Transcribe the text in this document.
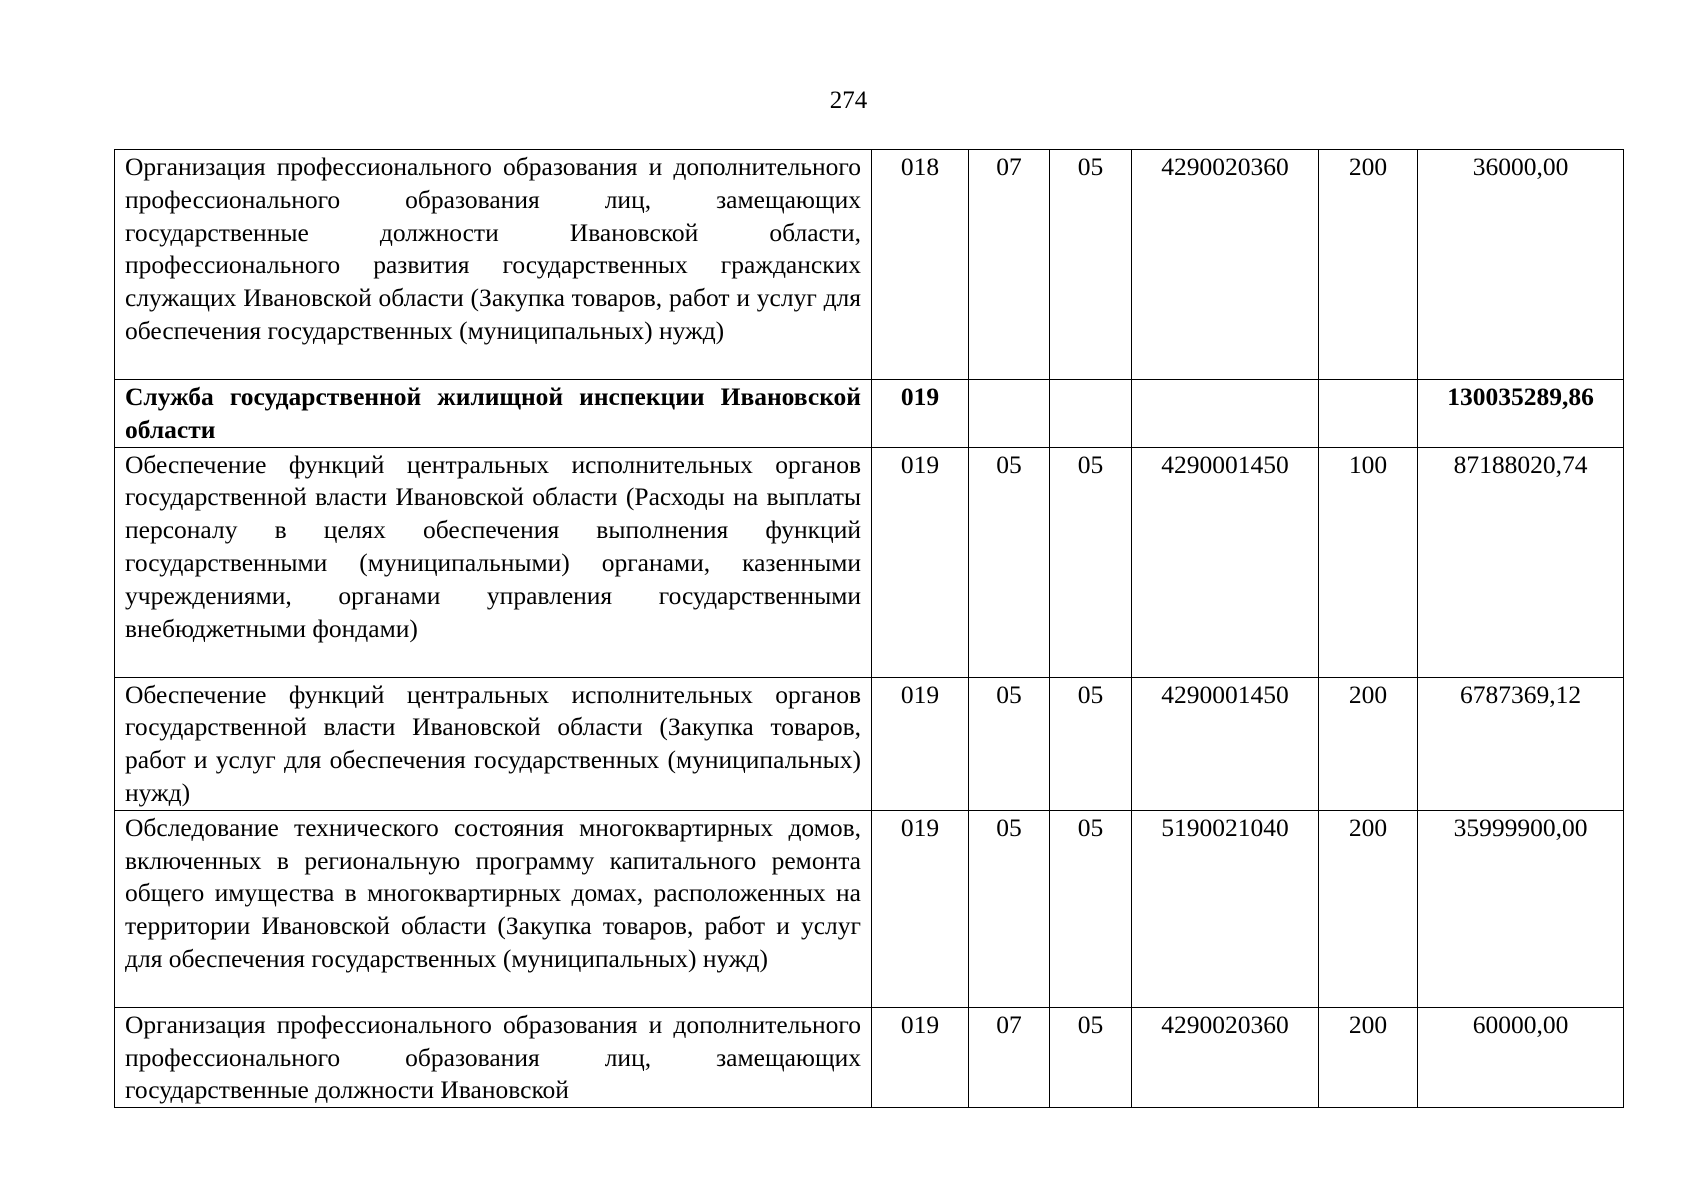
274
Организация профессионального образования и дополнительного профессионального образования лиц, замещающих государственные должности Ивановской области, профессионального развития государственных гражданских служащих Ивановской области (Закупка товаров, работ и услуг для обеспечения государственных (муниципальных) нужд)	018	07	05	4290020360	200	36000,00
Служба государственной жилищной инспекции Ивановской области	019					130035289,86
Обеспечение функций центральных исполнительных органов государственной власти Ивановской области (Расходы на выплаты персоналу в целях обеспечения выполнения функций государственными (муниципальными) органами, казенными учреждениями, органами управления государственными внебюджетными фондами)	019	05	05	4290001450	100	87188020,74
Обеспечение функций центральных исполнительных органов государственной власти Ивановской области (Закупка товаров, работ и услуг для обеспечения государственных (муниципальных) нужд)	019	05	05	4290001450	200	6787369,12
Обследование технического состояния многоквартирных домов, включенных в региональную программу капитального ремонта общего имущества в многоквартирных домах, расположенных на территории Ивановской области (Закупка товаров, работ и услуг для обеспечения государственных (муниципальных) нужд)	019	05	05	5190021040	200	35999900,00
Организация профессионального образования и дополнительного профессионального образования лиц, замещающих государственные должности Ивановской	019	07	05	4290020360	200	60000,00
